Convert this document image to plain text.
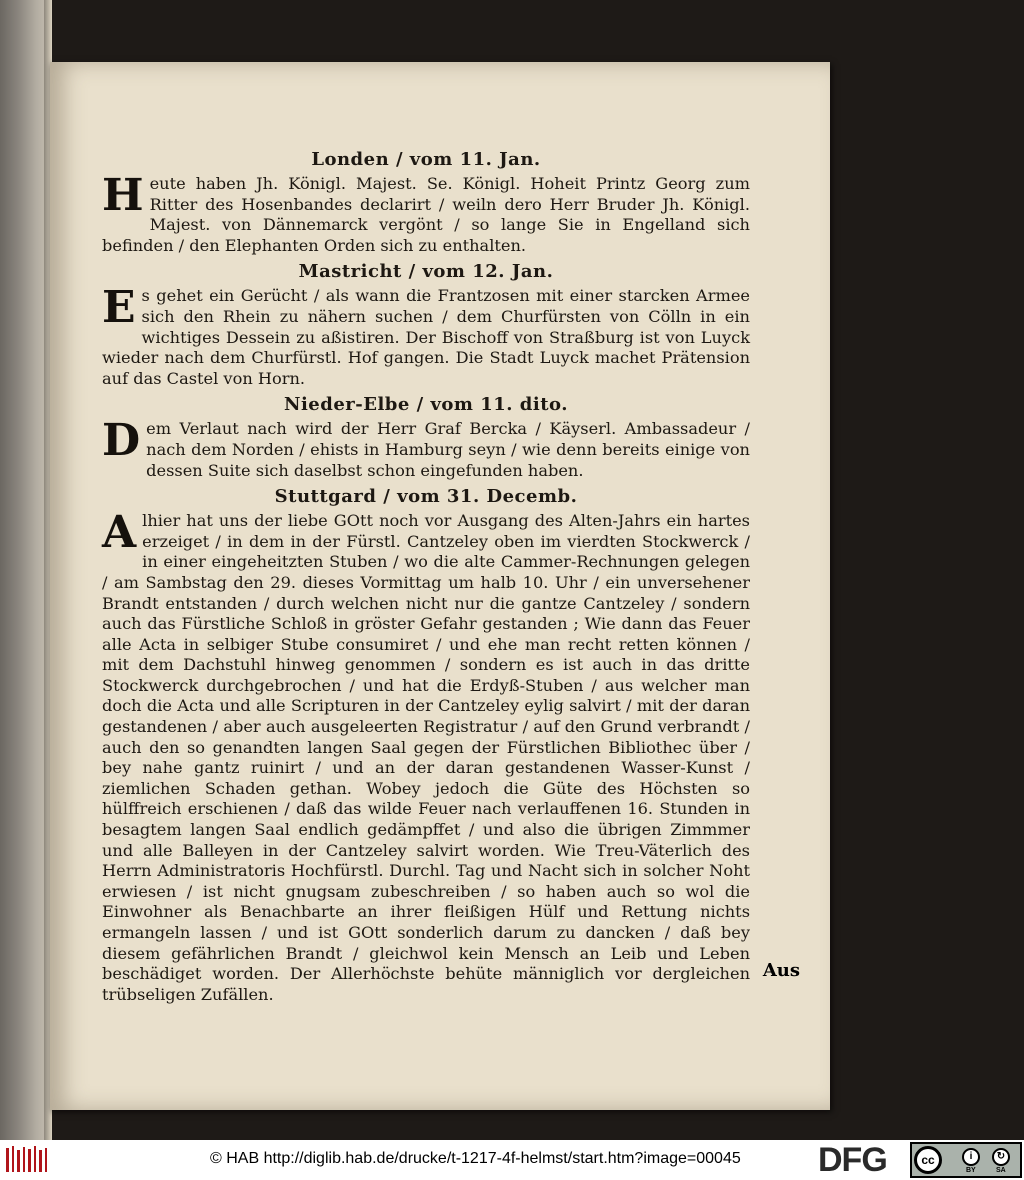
Londen / vom 11. Jan.

Heute haben Jh. Königl. Majest. Se. Königl. Hoheit Printz Georg zum Ritter des Hosenbandes declarirt / weiln dero Herr Bruder Jh. Königl. Majest. von Dännemarck vergönt / so lange Sie in Engelland sich befinden / den Elephanten Orden sich zu enthalten.

Mastricht / vom 12. Jan.

Es gehet ein Gerücht / als wann die Frantzosen mit einer starcken Armee sich den Rhein zu nähern suchen / dem Churfürsten von Cölln in ein wichtiges Dessein zu aßistiren. Der Bischoff von Straßburg ist von Luyck wieder nach dem Churfürstl. Hof gangen. Die Stadt Luyck machet Prätension auf das Castel von Horn.

Nieder-Elbe / vom 11. dito.

Dem Verlaut nach wird der Herr Graf Bercka / Käyserl. Ambassadeur / nach dem Norden / ehists in Hamburg seyn / wie denn bereits einige von dessen Suite sich daselbst schon eingefunden haben.

Stuttgard / vom 31. Decemb.

Alhier hat uns der liebe GOtt noch vor Ausgang des Alten-Jahrs ein hartes erzeiget / in dem in der Fürstl. Cantzeley oben im vierdten Stockwerck / in einer eingeheitzten Stuben / wo die alte Cammer-Rechnungen gelegen / am Sambstag den 29. dieses Vormittag um halb 10. Uhr / ein unversehener Brandt entstanden / durch welchen nicht nur die gantze Cantzeley / sondern auch das Fürstliche Schloß in gröster Gefahr gestanden ; Wie dann das Feuer alle Acta in selbiger Stube consumiret / und ehe man recht retten können / mit dem Dachstuhl hinweg genommen / sondern es ist auch in das dritte Stockwerck durchgebrochen / und hat die Erdyß-Stuben / aus welcher man doch die Acta und alle Scripturen in der Cantzeley eylig salvirt / mit der daran gestandenen / aber auch ausgeleerten Registratur / auf den Grund verbrandt / auch den so genandten langen Saal gegen der Fürstlichen Bibliothec über / bey nahe gantz ruinirt / und an der daran gestandenen Wasser-Kunst / ziemlichen Schaden gethan. Wobey jedoch die Güte des Höchsten so hülffreich erschienen / daß das wilde Feuer nach verlauffenen 16. Stunden in besagtem langen Saal endlich gedämpffet / und also die übrigen Zimmmer und alle Balleyen in der Cantzeley salvirt worden. Wie Treu-Väterlich des Herrn Administratoris Hochfürstl. Durchl. Tag und Nacht sich in solcher Noht erwiesen / ist nicht gnugsam zubeschreiben / so haben auch so wol die Einwohner als Benachbarte an ihrer fleißigen Hülf und Rettung nichts ermangeln lassen / und ist GOtt sonderlich darum zu dancken / daß bey diesem gefährlichen Brandt / gleichwol kein Mensch an Leib und Leben beschädiget worden. Der Allerhöchste behüte männiglich vor dergleichen trübseligen Zufällen.

Aus
© HAB http://diglib.hab.de/drucke/t-1217-4f-helmst/start.htm?image=00045 DFG	cc	i	↻
BY	SA
